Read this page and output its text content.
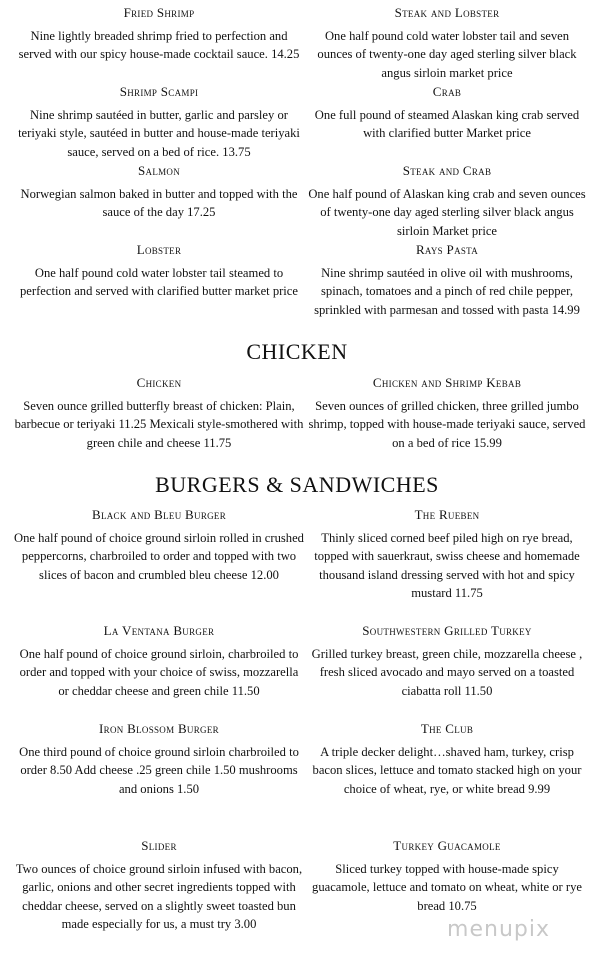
Fried Shrimp
Nine lightly breaded shrimp fried to perfection and served with our spicy house-made cocktail sauce. 14.25
Steak and Lobster
One half pound cold water lobster tail and seven ounces of twenty-one day aged sterling silver black angus sirloin market price
Shrimp Scampi
Nine shrimp sautéed in butter, garlic and parsley or teriyaki style, sautéed in butter and house-made teriyaki sauce, served on a bed of rice. 13.75
Crab
One full pound of steamed Alaskan king crab served with clarified butter Market price
Salmon
Norwegian salmon baked in butter and topped with the sauce of the day 17.25
Steak and Crab
One half pound of Alaskan king crab and seven ounces of twenty-one day aged sterling silver black angus sirloin Market price
Lobster
One half pound cold water lobster tail steamed to perfection and served with clarified butter market price
Rays Pasta
Nine shrimp sautéed in olive oil with mushrooms, spinach, tomatoes and a pinch of red chile pepper, sprinkled with parmesan and tossed with pasta 14.99
CHICKEN
Chicken
Seven ounce grilled butterfly breast of chicken: Plain, barbecue or teriyaki 11.25 Mexicali style-smothered with green chile and cheese 11.75
Chicken and Shrimp Kebab
Seven ounces of grilled chicken, three grilled jumbo shrimp, topped with house-made teriyaki sauce, served on a bed of rice 15.99
BURGERS & SANDWICHES
Black and Bleu Burger
One half pound of choice ground sirloin rolled in crushed peppercorns, charbroiled to order and topped with two slices of bacon and crumbled bleu cheese 12.00
The Rueben
Thinly sliced corned beef piled high on rye bread, topped with sauerkraut, swiss cheese and homemade thousand island dressing served with hot and spicy mustard 11.75
La Ventana Burger
One half pound of choice ground sirloin, charbroiled to order and topped with your choice of swiss, mozzarella or cheddar cheese and green chile 11.50
Southwestern Grilled Turkey
Grilled turkey breast, green chile, mozzarella cheese , fresh sliced avocado and mayo served on a toasted ciabatta roll 11.50
Iron Blossom Burger
One third pound of choice ground sirloin charbroiled to order 8.50 Add cheese .25 green chile 1.50 mushrooms and onions 1.50
The Club
A triple decker delight…shaved ham, turkey, crisp bacon slices, lettuce and tomato stacked high on your choice of wheat, rye, or white bread 9.99
Slider
Two ounces of choice ground sirloin infused with bacon, garlic, onions and other secret ingredients topped with cheddar cheese, served on a slightly sweet toasted bun made especially for us, a must try 3.00
Turkey Guacamole
Sliced turkey topped with house-made spicy guacamole, lettuce and tomato on wheat, white or rye bread 10.75
menupix
